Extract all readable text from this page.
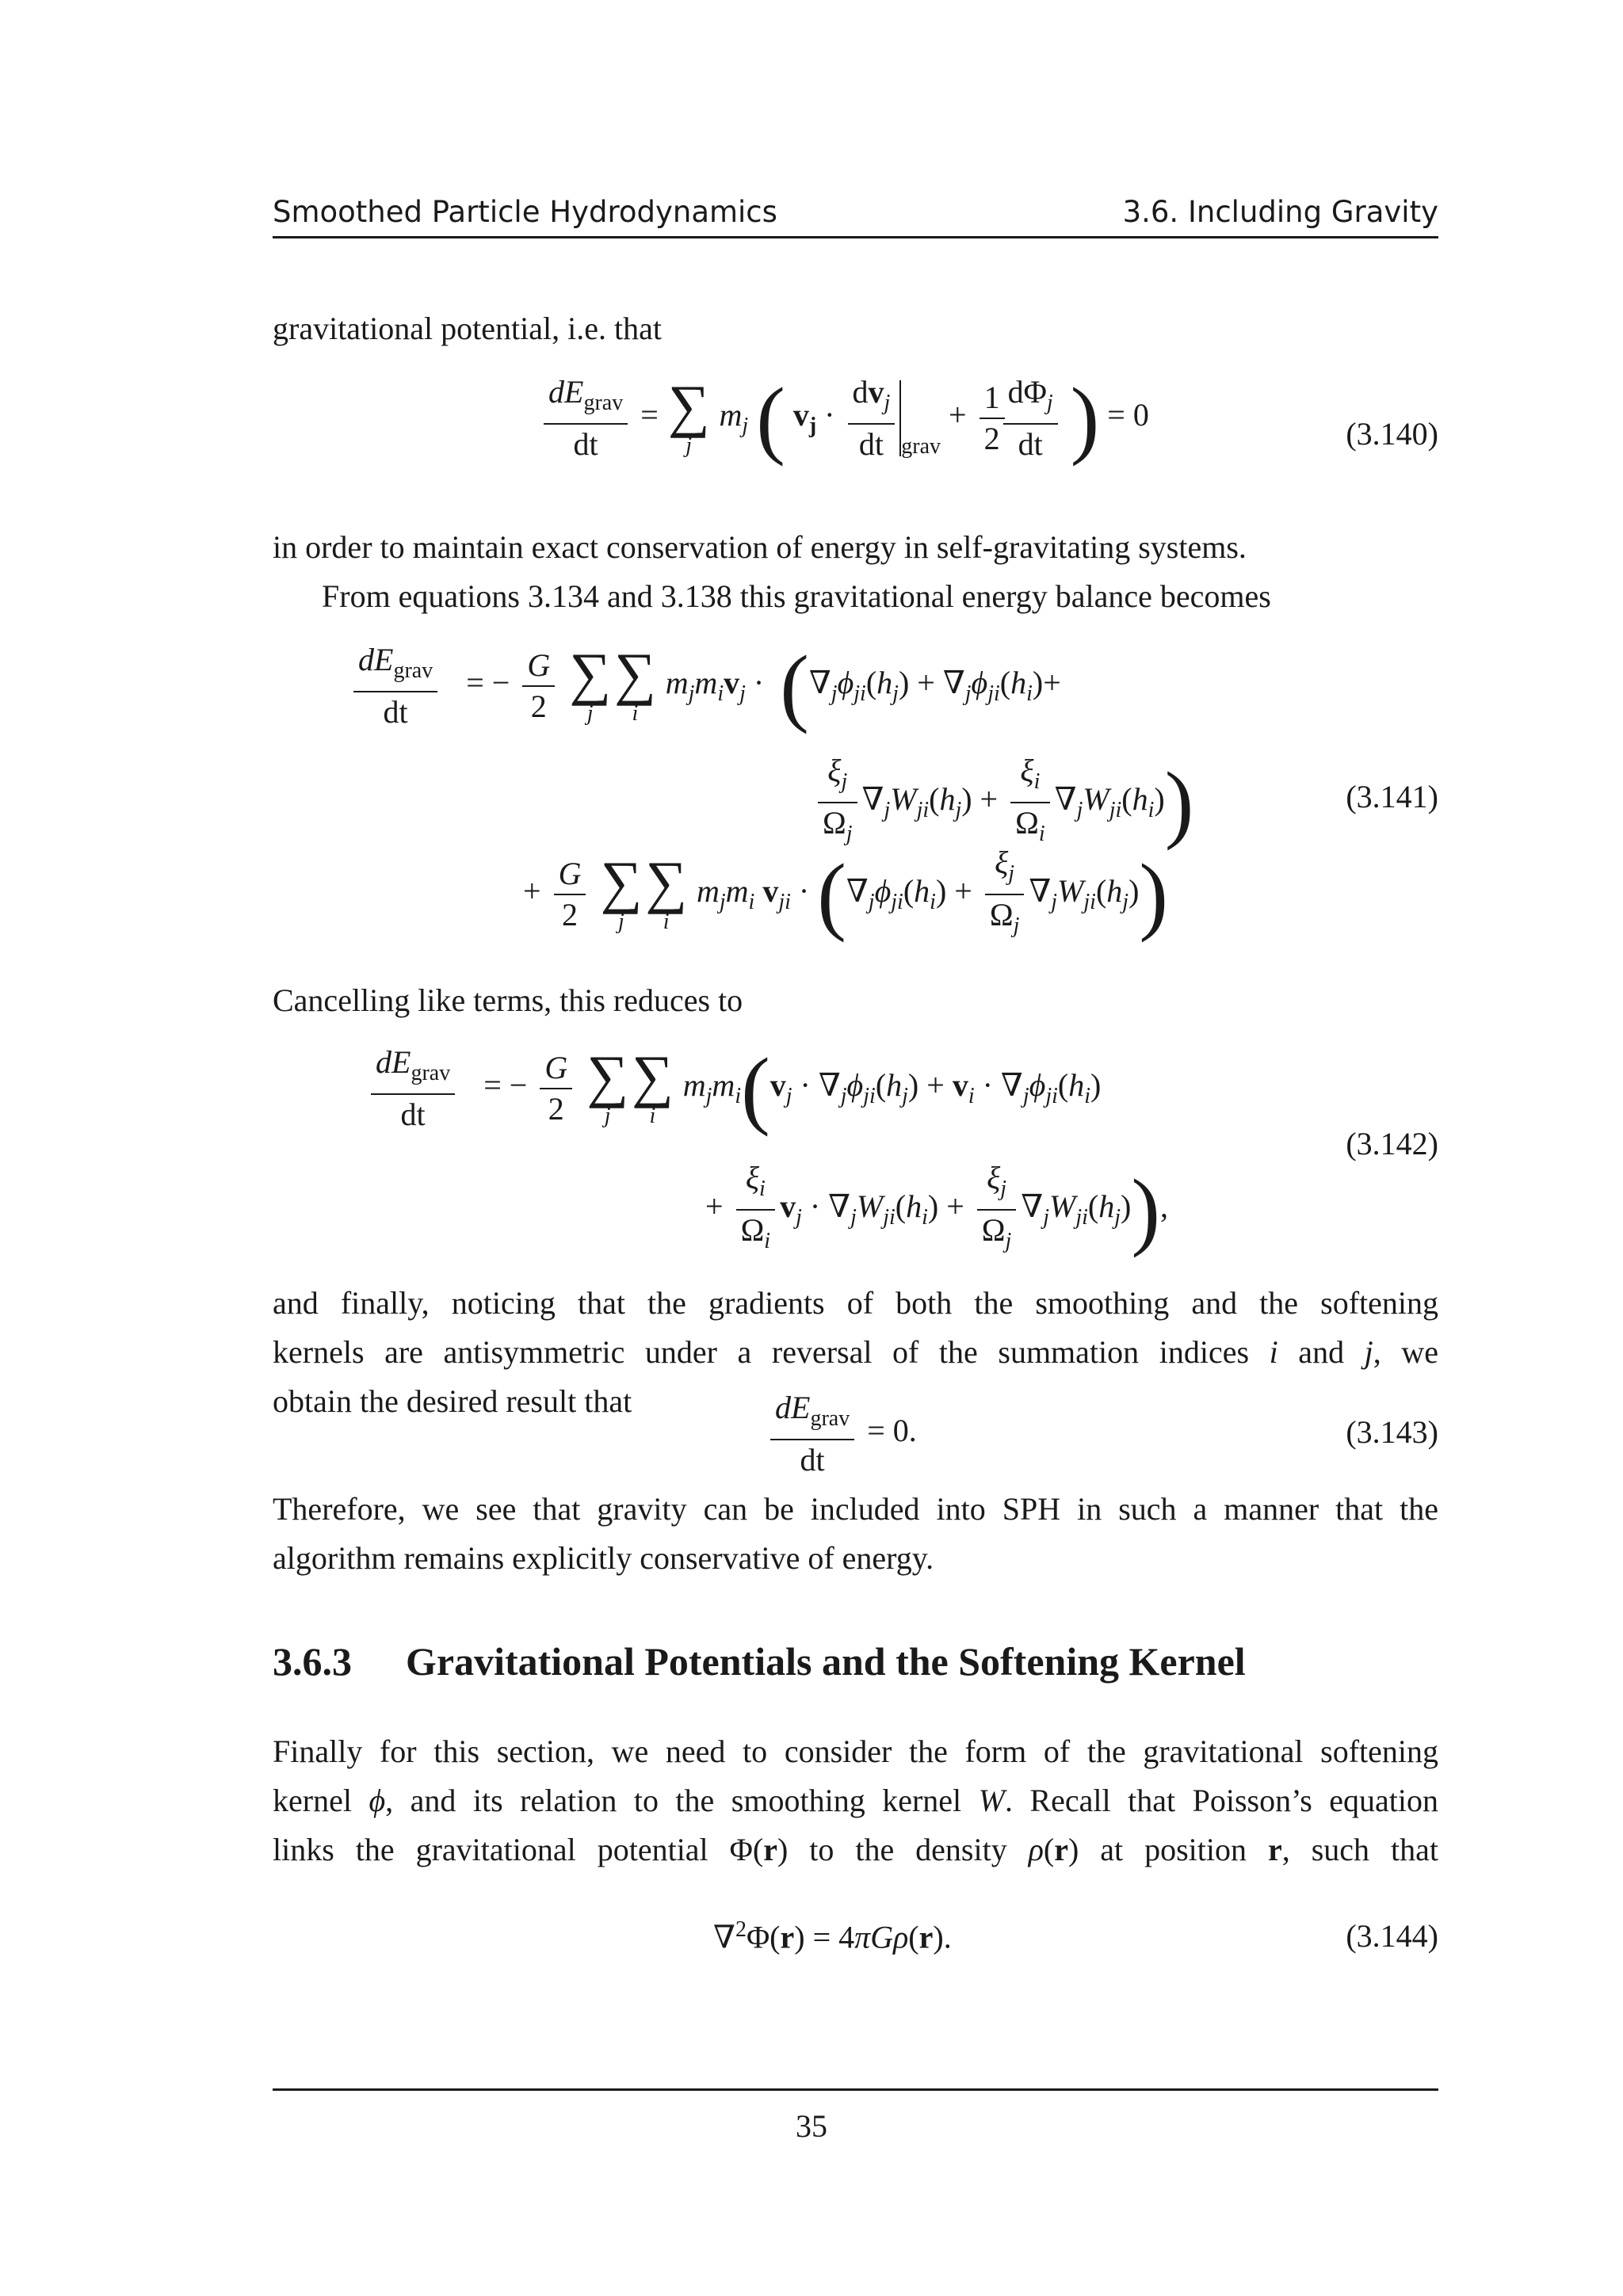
Smoothed Particle Hydrodynamics	3.6. Including Gravity
gravitational potential, i.e. that
$\frac{dE_{grav}}{dt}$ = ∑
j
$m_j$ ( $v_j \cdot \frac{dv_j}{dt} _{grav} + \frac{1}{2}$
$\frac{d\Phi_j}{dt}$ ) = 0
(3.140)
in order to maintain exact conservation of energy in self-gravitating systems.
From equations 3.134 and 3.138 this gravitational energy balance becomes
$\frac{dE_{grav}}{dt}$ = − $\frac{G}{2}$
∑
j
∑
i
$m_jm_iv_j \cdot (\nabla_j\phi_{ji}(h_j) + \nabla_j\phi_{ji}(h_i)+$
$\frac{\xi_j}{\Omega_j} \nabla_jW_{ji}(h_j) + \frac{\xi_i}{\Omega_i} \nabla_jW_{ji}(h_i)$)	(3.141)
+ $\frac{G}{2}$
∑
j
∑
i
$m_jm_i$ $v_{ji} \cdot (\nabla_j\phi_{ji}(h_i) + \frac{\xi_j}{\Omega_j} \nabla_jW_{ji}(h_j))$
Cancelling like terms, this reduces to
$\frac{dE_{grav}}{dt}$ = − $\frac{G}{2}$
∑
j
∑
i
$m_jm_i(v_j \cdot \nabla_j\phi_{ji}(h_j) + v_i \cdot \nabla_j\phi_{ji}(h_i)$
(3.142)
+ $\frac{\xi_i}{\Omega_i} v_j \cdot \nabla_jW_{ji}(h_i) + \frac{\xi_j}{\Omega_j} \nabla_jW_{ji}(h_j)$),
and finally, noticing that the gradients of both the smoothing and the softening
kernels are antisymmetric under a reversal of the summation indices i and j, we
obtain the desired result that	$\frac{dE_{grav}}{dt} = 0$.	(3.143)
Therefore, we see that gravity can be included into SPH in such a manner that the
algorithm remains explicitly conservative of energy.
3.6.3 Gravitational Potentials and the Softening Kernel
Finally for this section, we need to consider the form of the gravitational softening
kernel ϕ, and its relation to the smoothing kernel W. Recall that Poisson’s equation
links the gravitational potential Φ(r) to the density ρ(r) at position r, such that
∇$^2$Φ(r) = 4πGρ(r).	(3.144)
35
